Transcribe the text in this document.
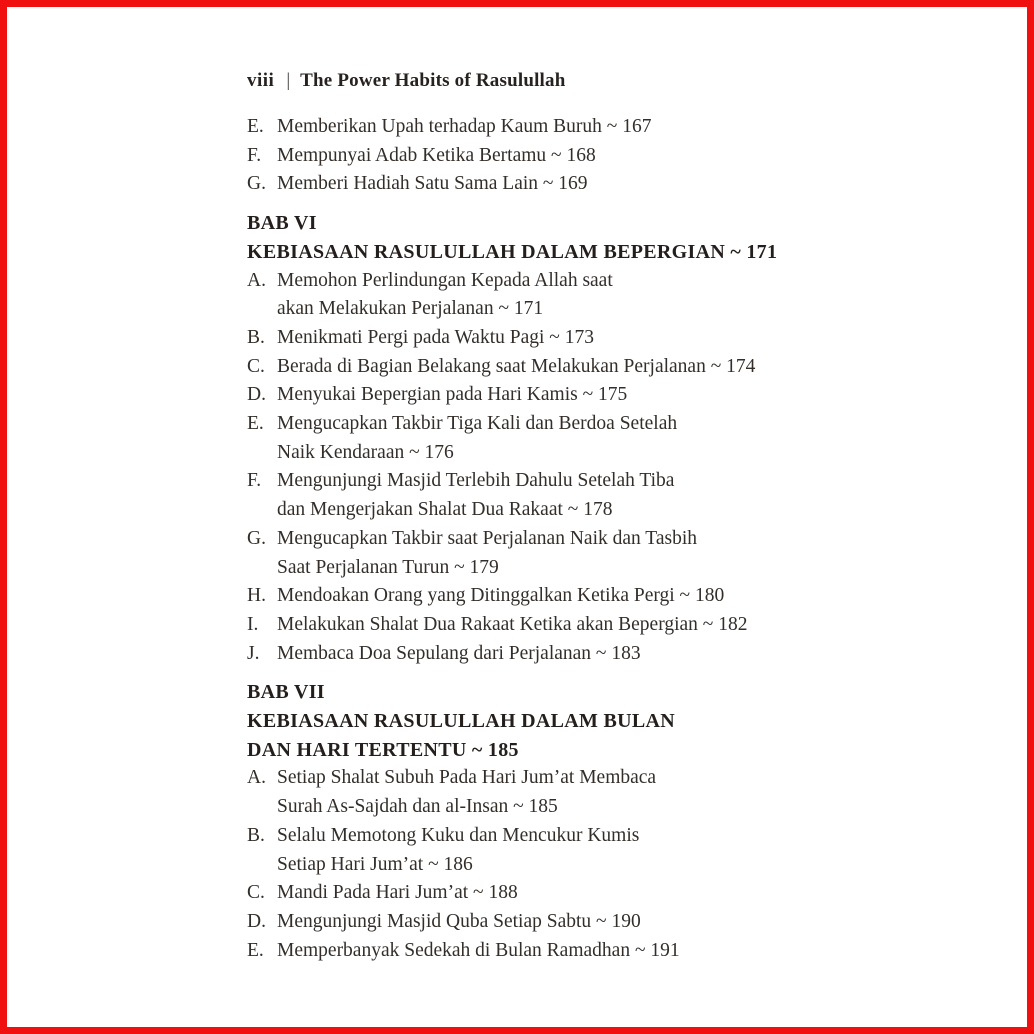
viii | The Power Habits of Rasulullah
E. Memberikan Upah terhadap Kaum Buruh ~ 167
F. Mempunyai Adab Ketika Bertamu ~ 168
G. Memberi Hadiah Satu Sama Lain ~ 169
BAB VI
KEBIASAAN RASULULLAH DALAM BEPERGIAN ~ 171
A. Memohon Perlindungan Kepada Allah saat
akan Melakukan Perjalanan ~ 171
B. Menikmati Pergi pada Waktu Pagi ~ 173
C. Berada di Bagian Belakang saat Melakukan Perjalanan ~ 174
D. Menyukai Bepergian pada Hari Kamis ~ 175
E. Mengucapkan Takbir Tiga Kali dan Berdoa Setelah
Naik Kendaraan ~ 176
F. Mengunjungi Masjid Terlebih Dahulu Setelah Tiba
dan Mengerjakan Shalat Dua Rakaat ~ 178
G. Mengucapkan Takbir saat Perjalanan Naik dan Tasbih
Saat Perjalanan Turun ~ 179
H. Mendoakan Orang yang Ditinggalkan Ketika Pergi ~ 180
I. Melakukan Shalat Dua Rakaat Ketika akan Bepergian ~ 182
J. Membaca Doa Sepulang dari Perjalanan ~ 183
BAB VII
KEBIASAAN RASULULLAH DALAM BULAN
DAN HARI TERTENTU ~ 185
A. Setiap Shalat Subuh Pada Hari Jum’at Membaca
Surah As-Sajdah dan al-Insan ~ 185
B. Selalu Memotong Kuku dan Mencukur Kumis
Setiap Hari Jum’at ~ 186
C. Mandi Pada Hari Jum’at ~ 188
D. Mengunjungi Masjid Quba Setiap Sabtu ~ 190
E. Memperbanyak Sedekah di Bulan Ramadhan ~ 191
